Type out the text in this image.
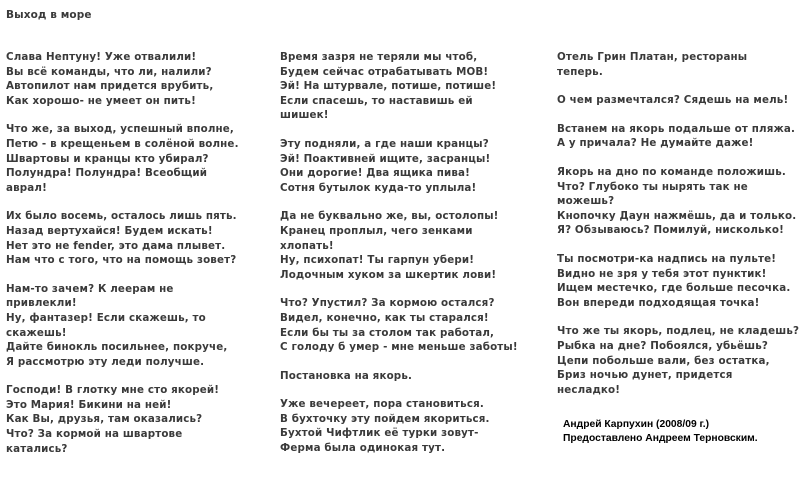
Выход в море
Слава Нептуну! Уже отвалили!
Вы всё команды, что ли, налили?
Автопилот нам придется врубить,
Как хорошо- не умеет он пить!
Что же, за выход, успешный вполне,
Петю - в крещеньем в солёной волне.
Швартовы и кранцы кто убирал?
Полундра! Полундра! Всеобщий
аврал!
Их было восемь, осталось лишь пять.
Назад вертухайся! Будем искать!
Нет это не fender, это дама плывет.
Нам что с того, что на помощь зовет?
Нам-то зачем? К леерам не
привлекли!
Ну, фантазер! Если скажешь, то
скажешь!
Дайте бинокль посильнее, покруче,
Я рассмотрю эту леди получше.
Господи! В глотку мне сто якорей!
Это Мария! Бикини на ней!
Как Вы, друзья, там оказались?
Что? За кормой на швартове
катались?
Время зазря не теряли мы чтоб,
Будем сейчас отрабатывать MOB!
Эй! На штурвале, потише, потише!
Если спасешь, то наставишь ей
шишек!
Эту подняли, а где наши кранцы?
Эй! Поактивней ищите, засранцы!
Они дорогие! Два ящика пива!
Сотня бутылок куда-то уплыла!
Да не буквально же, вы, остолопы!
Кранец проплыл, чего зенками
хлопать!
Ну, психопат! Ты гарпун убери!
Лодочным хуком за шкертик лови!
Что? Упустил? За кормою остался?
Видел, конечно, как ты старался!
Если бы ты за столом так работал,
С голоду б умер - мне меньше заботы!
Постановка на якорь.
Уже вечереет, пора становиться.
В бухточку эту пойдем якориться.
Бухтой Чифтлик её турки зовут-
Ферма была одинокая тут.
Отель Грин Платан, рестораны
теперь.
О чем размечтался? Сядешь на мель!
Встанем на якорь подальше от пляжа.
А у причала? Не думайте даже!
Якорь на дно по команде положишь.
Что? Глубоко ты нырять так не
можешь?
Кнопочку Даун нажмёшь, да и только.
Я? Обзываюсь? Помилуй, нисколько!
Ты посмотри-ка надпись на пульте!
Видно не зря у тебя этот пунктик!
Ищем местечко, где больше песочка.
Вон впереди подходящая точка!
Что же ты якорь, подлец, не кладешь?
Рыбка на дне? Побоялся, убьёшь?
Цепи побольше вали, без остатка,
Бриз ночью дунет, придется
несладко!
Андрей Карпухин (2008/09 г.)
Предоставлено Андреем Терновским.
